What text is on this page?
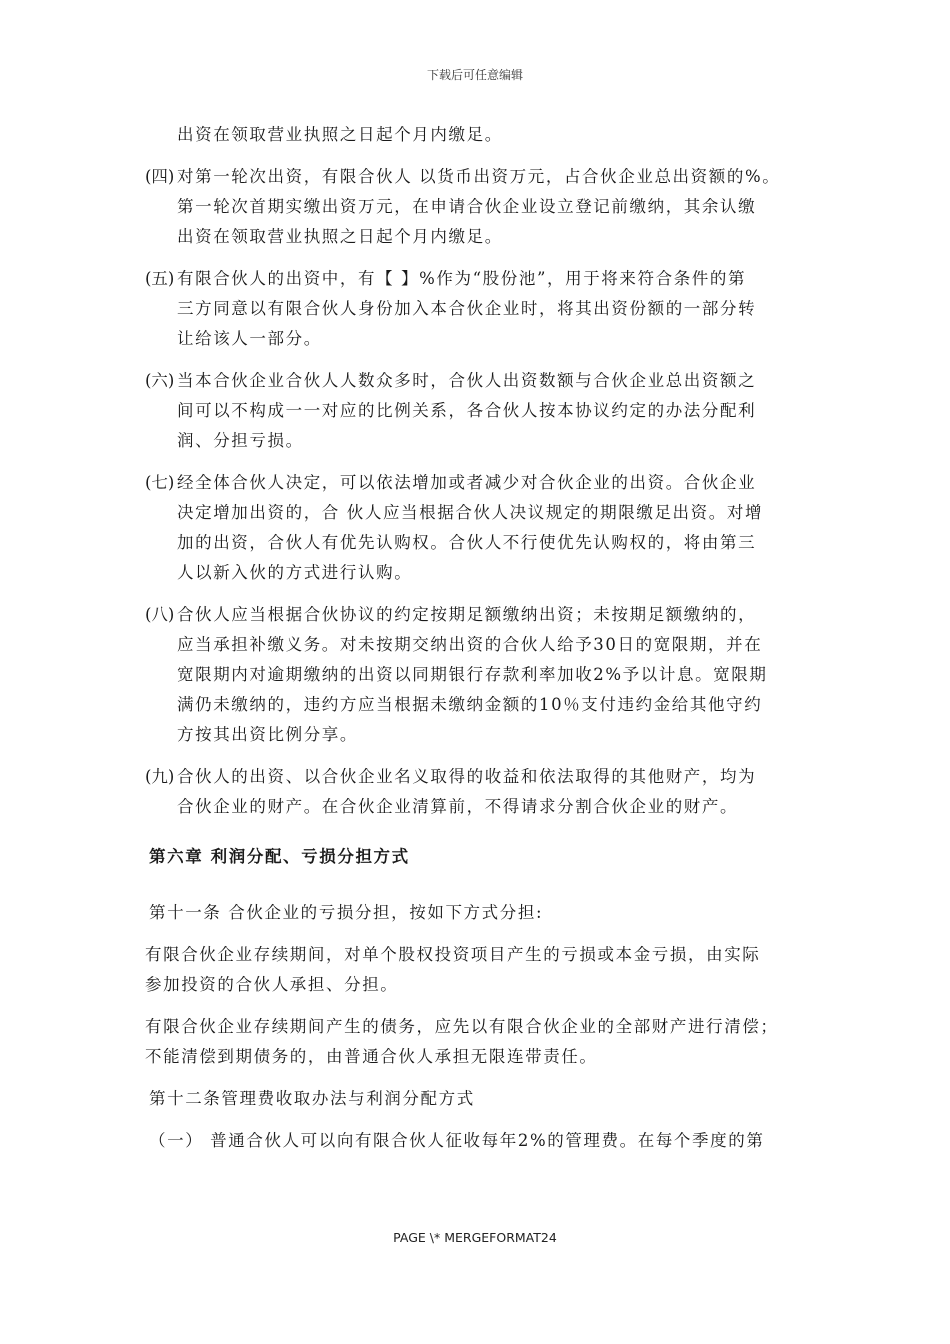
下载后可任意编辑
出资在领取营业执照之日起个月内缴足。
(四) 对第一轮次出资，有限合伙人 以货币出资万元，占合伙企业总出资额的%。
第一轮次首期实缴出资万元，在申请合伙企业设立登记前缴纳，其余认缴
出资在领取营业执照之日起个月内缴足。
(五) 有限合伙人的出资中，有【 】%作为“股份池”，用于将来符合条件的第
三方同意以有限合伙人身份加入本合伙企业时，将其出资份额的一部分转
让给该人一部分。
(六) 当本合伙企业合伙人人数众多时，合伙人出资数额与合伙企业总出资额之
间可以不构成一一对应的比例关系，各合伙人按本协议约定的办法分配利
润、分担亏损。
(七) 经全体合伙人决定，可以依法增加或者减少对合伙企业的出资。合伙企业
决定增加出资的，合 伙人应当根据合伙人决议规定的期限缴足出资。对增
加的出资，合伙人有优先认购权。合伙人不行使优先认购权的，将由第三
人以新入伙的方式进行认购。
(八) 合伙人应当根据合伙协议的约定按期足额缴纳出资；未按期足额缴纳的，
应当承担补缴义务。对未按期交纳出资的合伙人给予30日的宽限期，并在
宽限期内对逾期缴纳的出资以同期银行存款利率加收2%予以计息。宽限期
满仍未缴纳的，违约方应当根据未缴纳金额的10％支付违约金给其他守约
方按其出资比例分享。
(九) 合伙人的出资、以合伙企业名义取得的收益和依法取得的其他财产，均为
合伙企业的财产。在合伙企业清算前，不得请求分割合伙企业的财产。
第六章 利润分配、亏损分担方式
第十一条 合伙企业的亏损分担，按如下方式分担:
有限合伙企业存续期间，对单个股权投资项目产生的亏损或本金亏损，由实际
参加投资的合伙人承担、分担。
有限合伙企业存续期间产生的债务，应先以有限合伙企业的全部财产进行清偿；
不能清偿到期债务的，由普通合伙人承担无限连带责任。
第十二条管理费收取办法与利润分配方式
（一） 普通合伙人可以向有限合伙人征收每年2%的管理费。在每个季度的第
PAGE \* MERGEFORMAT24
